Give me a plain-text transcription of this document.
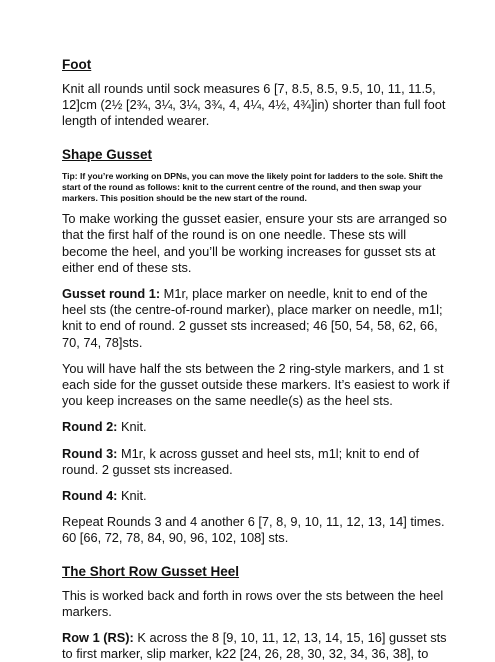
Foot

Knit all rounds until sock measures 6 [7, 8.5, 8.5, 9.5, 10, 11, 11.5, 12]cm (2½ [2¾, 3¼, 3¼, 3¾, 4, 4¼, 4½, 4¾]in) shorter than full foot length of intended wearer.

Shape Gusset

Tip: If you’re working on DPNs, you can move the likely point for ladders to the sole. Shift the start of the round as follows: knit to the current centre of the round, and then swap your markers. This position should be the new start of the round.

To make working the gusset easier, ensure your sts are arranged so that the first half of the round is on one needle. These sts will become the heel, and you’ll be working increases for gusset sts at either end of these sts.

Gusset round 1: M1r, place marker on needle, knit to end of the heel sts (the centre-of-round marker), place marker on needle, m1l; knit to end of round. 2 gusset sts increased; 46 [50, 54, 58, 62, 66, 70, 74, 78]sts.

You will have half the sts between the 2 ring-style markers, and 1 st each side for the gusset outside these markers. It’s easiest to work if you keep increases on the same needle(s) as the heel sts.

Round 2: Knit.

Round 3: M1r, k across gusset and heel sts, m1l; knit to end of round. 2 gusset sts increased.

Round 4: Knit.

Repeat Rounds 3 and 4 another 6 [7, 8, 9, 10, 11, 12, 13, 14] times. 60 [66, 72, 78, 84, 90, 96, 102, 108] sts.

The Short Row Gusset Heel

This is worked back and forth in rows over the sts between the heel markers.

Row 1 (RS): K across the 8 [9, 10, 11, 12, 13, 14, 15, 16] gusset sts to first marker, slip marker, k22 [24, 26, 28, 30, 32, 34, 36, 38], to
